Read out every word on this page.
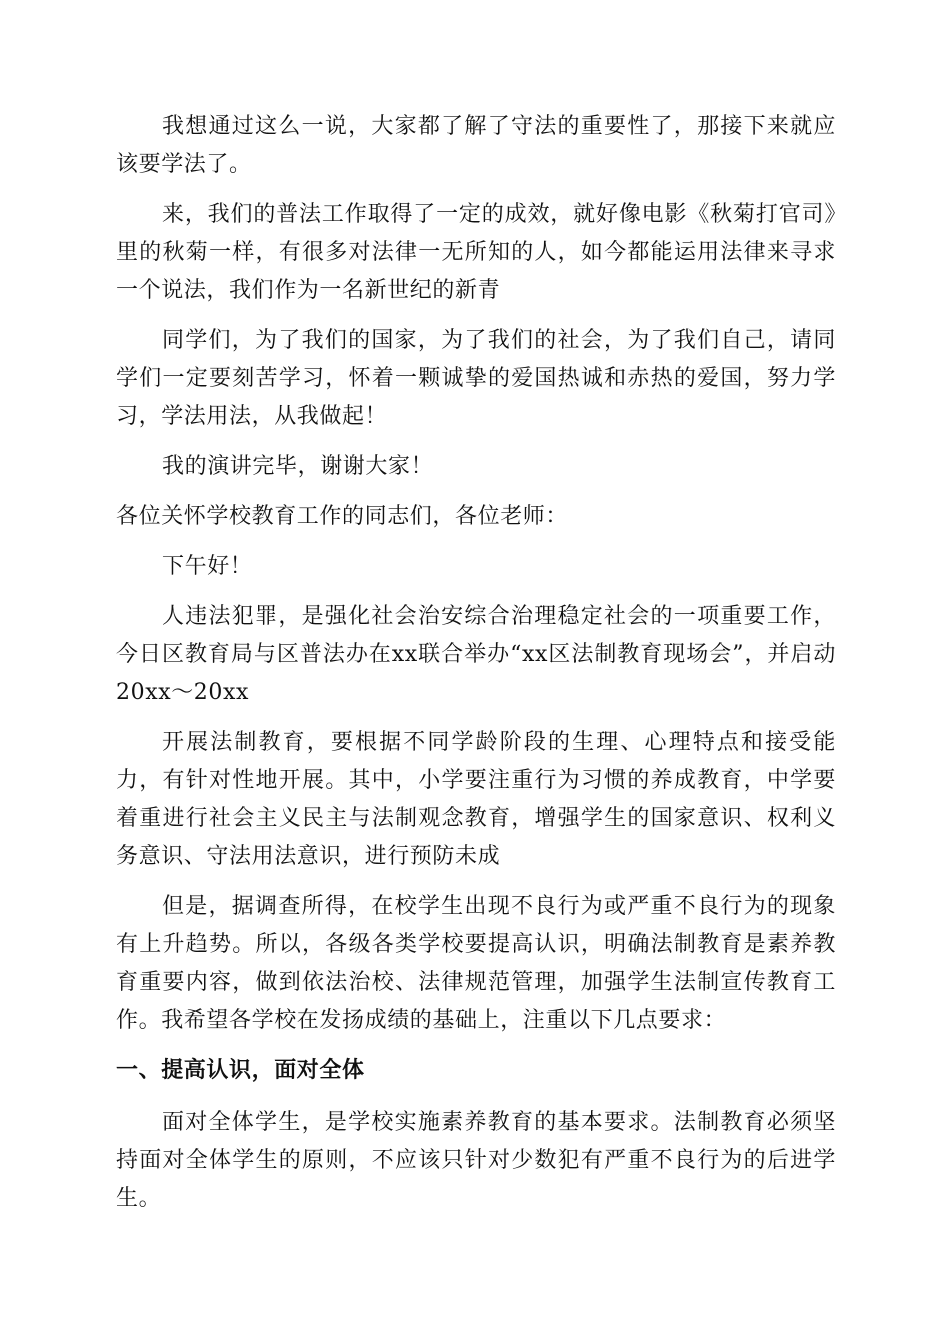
我想通过这么一说，大家都了解了守法的重要性了，那接下来就应该要学法了。

来，我们的普法工作取得了一定的成效，就好像电影《秋菊打官司》里的秋菊一样，有很多对法律一无所知的人，如今都能运用法律来寻求一个说法，我们作为一名新世纪的新青

同学们，为了我们的国家，为了我们的社会，为了我们自己，请同学们一定要刻苦学习，怀着一颗诚挚的爱国热诚和赤热的爱国，努力学习，学法用法，从我做起！

我的演讲完毕，谢谢大家！

各位关怀学校教育工作的同志们，各位老师：

下午好！

人违法犯罪，是强化社会治安综合治理稳定社会的一项重要工作，今日区教育局与区普法办在xx联合举办“xx区法制教育现场会”，并启动20xx～20xx

开展法制教育，要根据不同学龄阶段的生理、心理特点和接受能力，有针对性地开展。其中，小学要注重行为习惯的养成教育，中学要着重进行社会主义民主与法制观念教育，增强学生的国家意识、权利义务意识、守法用法意识，进行预防未成

但是，据调查所得，在校学生出现不良行为或严重不良行为的现象有上升趋势。所以，各级各类学校要提高认识，明确法制教育是素养教育重要内容，做到依法治校、法律规范管理，加强学生法制宣传教育工作。我希望各学校在发扬成绩的基础上，注重以下几点要求：

一、提高认识，面对全体

面对全体学生，是学校实施素养教育的基本要求。法制教育必须坚持面对全体学生的原则，不应该只针对少数犯有严重不良行为的后进学生。
